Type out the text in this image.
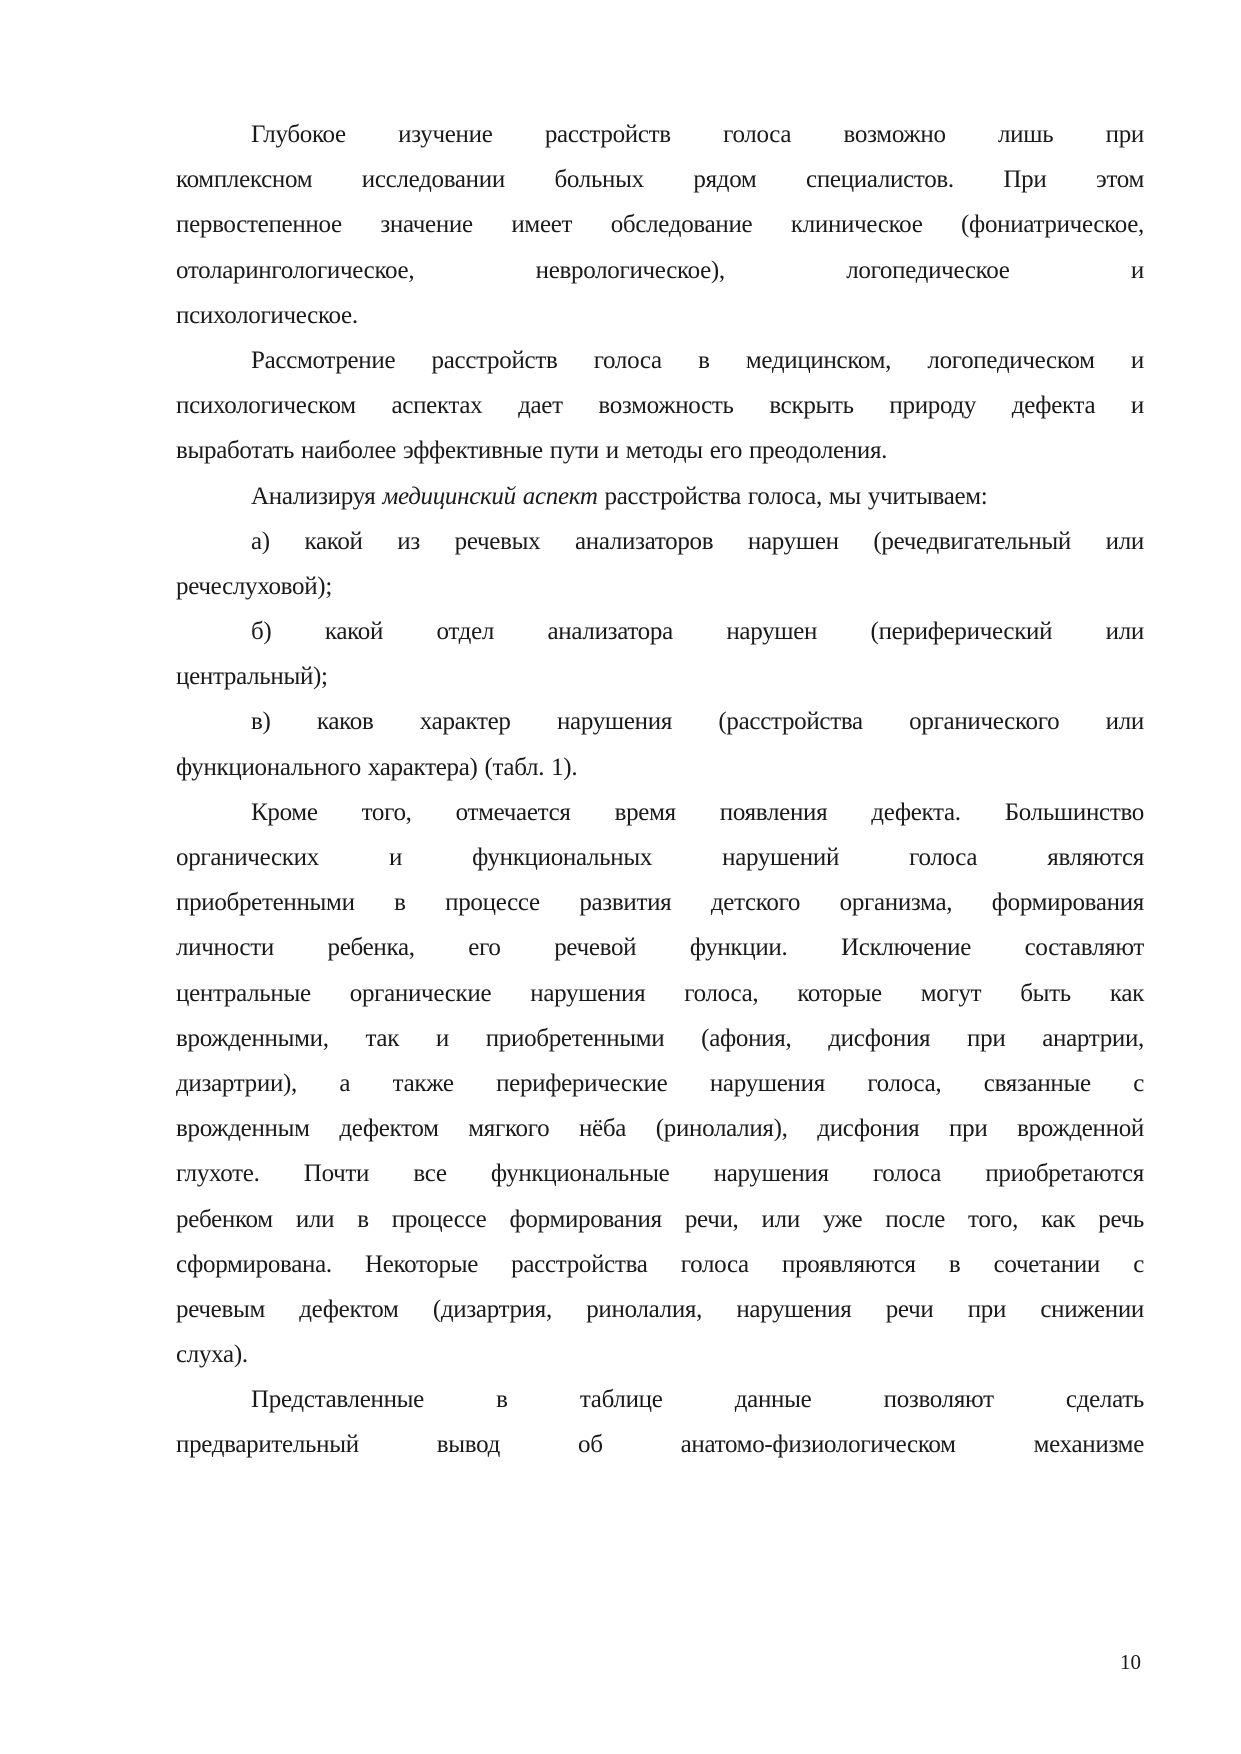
Глубокое изучение расстройств голоса возможно лишь при
комплексном исследовании больных рядом специалистов. При этом
первостепенное значение имеет обследование клиническое (фониатрическое,
отоларингологическое, неврологическое), логопедическое и
психологическое.
Рассмотрение расстройств голоса в медицинском, логопедическом и
психологическом аспектах дает возможность вскрыть природу дефекта и
выработать наиболее эффективные пути и методы его преодоления.
Анализируя медицинский аспект расстройства голоса, мы учитываем:
а) какой из речевых анализаторов нарушен (речедвигательный или
речеслуховой);
б) какой отдел анализатора нарушен (периферический или
центральный);
в) каков характер нарушения (расстройства органического или
функционального характера) (табл. 1).
Кроме того, отмечается время появления дефекта. Большинство
органических и функциональных нарушений голоса являются
приобретенными в процессе развития детского организма, формирования
личности ребенка, его речевой функции. Исключение составляют
центральные органические нарушения голоса, которые могут быть как
врожденными, так и приобретенными (афония, дисфония при анартрии,
дизартрии), а также периферические нарушения голоса, связанные с
врожденным дефектом мягкого нёба (ринолалия), дисфония при врожденной
глухоте. Почти все функциональные нарушения голоса приобретаются
ребенком или в процессе формирования речи, или уже после того, как речь
сформирована. Некоторые расстройства голоса проявляются в сочетании с
речевым дефектом (дизартрия, ринолалия, нарушения речи при снижении
слуха).
Представленные в таблице данные позволяют сделать
предварительный вывод об анатомо-физиологическом механизме
10
